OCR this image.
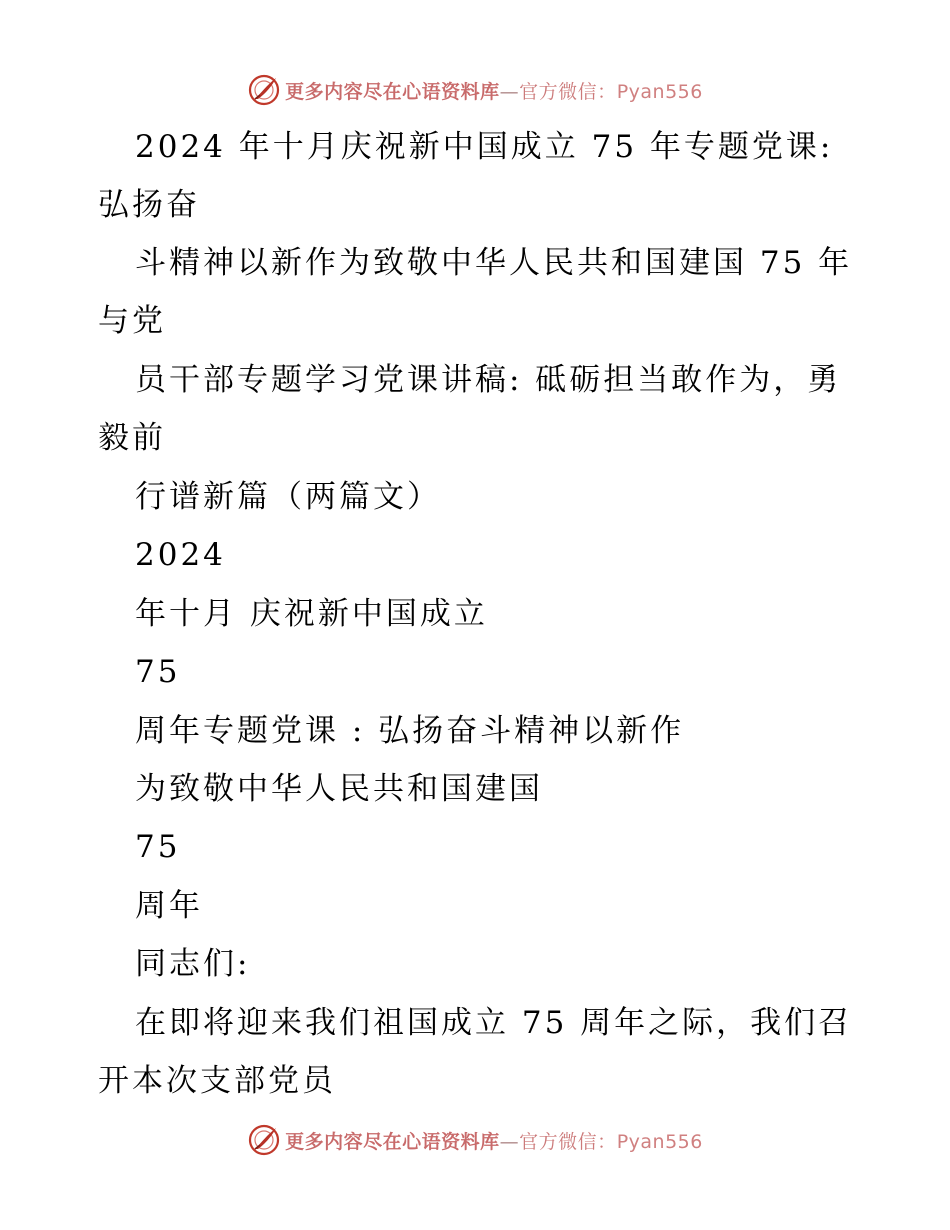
更多内容尽在心语资料库—官方微信：Pyan556
2024 年十月庆祝新中国成立 75 年专题党课:
弘扬奋
斗精神以新作为致敬中华人民共和国建国 75 年
与党
员干部专题学习党课讲稿: 砥砺担当敢作为，勇
毅前
行谱新篇（两篇文）
2024
年十月 庆祝新中国成立
75
周年专题党课 : 弘扬奋斗精神以新作
为致敬中华人民共和国建国
75
周年
同志们:
在即将迎来我们祖国成立 75 周年之际，我们召
开本次支部党员
更多内容尽在心语资料库—官方微信：Pyan556
